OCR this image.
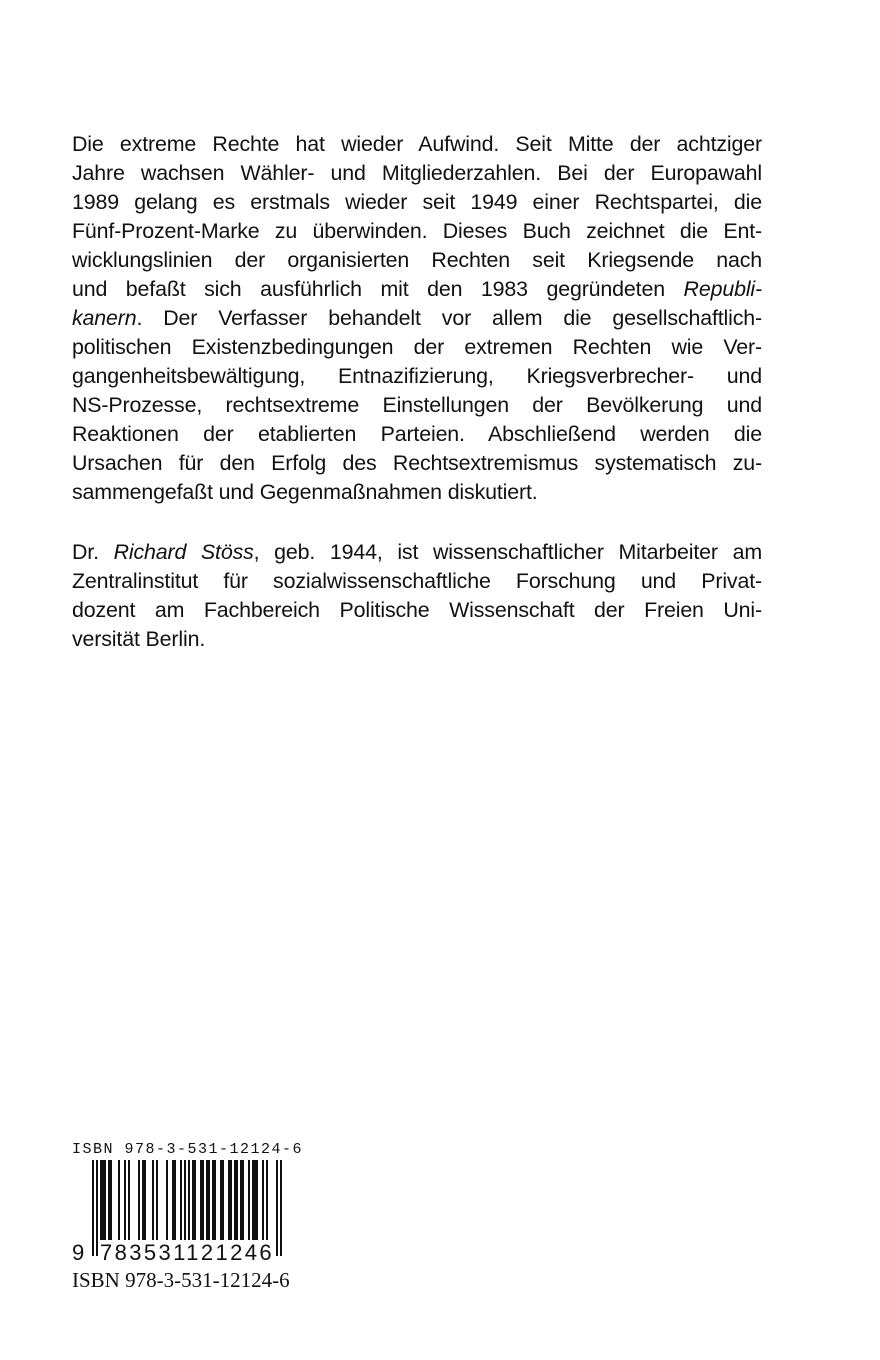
Die extreme Rechte hat wieder Aufwind. Seit Mitte der achtziger
Jahre wachsen Wähler- und Mitgliederzahlen. Bei der Europawahl
1989 gelang es erstmals wieder seit 1949 einer Rechtspartei, die
Fünf-Prozent-Marke zu überwinden. Dieses Buch zeichnet die Ent-
wicklungslinien der organisierten Rechten seit Kriegsende nach
und befaßt sich ausführlich mit den 1983 gegründeten Republi-
kanern. Der Verfasser behandelt vor allem die gesellschaftlich-
politischen Existenzbedingungen der extremen Rechten wie Ver-
gangenheitsbewältigung, Entnazifizierung, Kriegsverbrecher- und
NS-Prozesse, rechtsextreme Einstellungen der Bevölkerung und
Reaktionen der etablierten Parteien. Abschließend werden die
Ursachen für den Erfolg des Rechtsextremismus systematisch zu-
sammengefaßt und Gegenmaßnahmen diskutiert.
Dr. Richard Stöss, geb. 1944, ist wissenschaftlicher Mitarbeiter am
Zentralinstitut für sozialwissenschaftliche Forschung und Privat-
dozent am Fachbereich Politische Wissenschaft der Freien Uni-
versität Berlin.
ISBN 978-3-531-12124-6
9 783531121246
ISBN 978-3-531-12124-6
